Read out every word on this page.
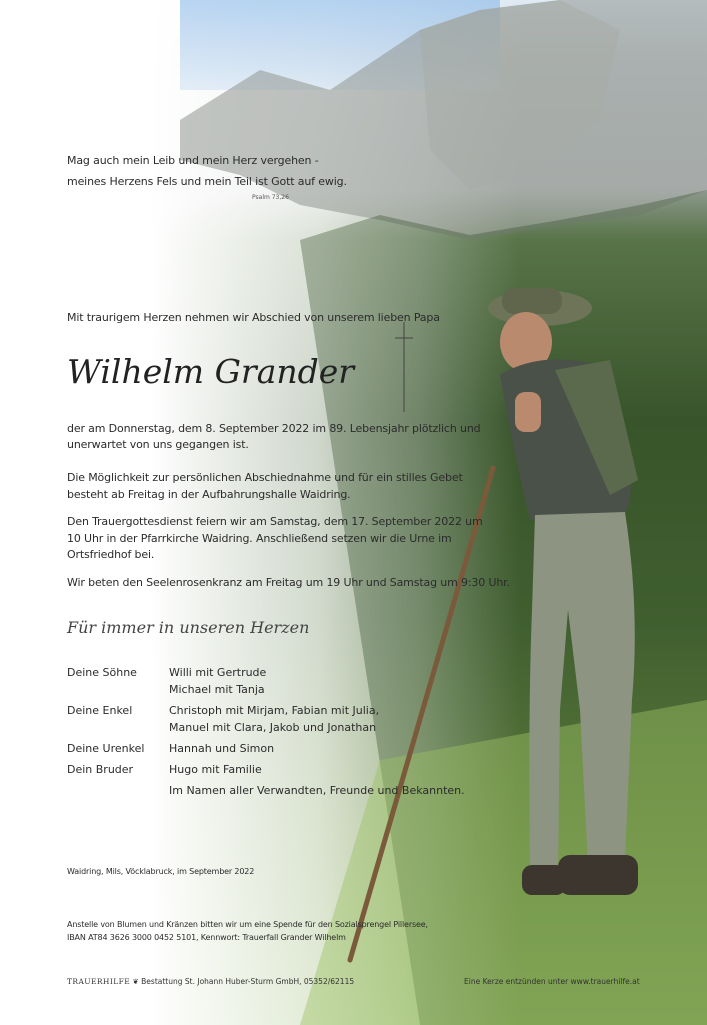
Mag auch mein Leib und mein Herz vergehen -

meines Herzens Fels und mein Teil ist Gott auf ewig.

Psalm 73,26

Mit traurigem Herzen nehmen wir Abschied von unserem lieben Papa

Wilhelm Grander

der am Donnerstag, dem 8. September 2022 im 89. Lebensjahr plötzlich und

unerwartet von uns gegangen ist.

Die Möglichkeit zur persönlichen Abschiednahme und für ein stilles Gebet

besteht ab Freitag in der Aufbahrungshalle Waidring.

Den Trauergottesdienst feiern wir am Samstag, dem 17. September 2022 um

10 Uhr in der Pfarrkirche Waidring. Anschließend setzen wir die Urne im

Ortsfriedhof bei.

Wir beten den Seelenrosenkranz am Freitag um 19 Uhr und Samstag um 9:30 Uhr.

Für immer in unseren Herzen
Deine Söhne	Willi mit Gertrude
Michael mit Tanja
Deine Enkel	Christoph mit Mirjam, Fabian mit Julia,
Manuel mit Clara, Jakob und Jonathan
Deine Urenkel	Hannah und Simon
Dein Bruder	Hugo mit Familie
Im Namen aller Verwandten, Freunde und Bekannten.

Waidring, Mils, Vöcklabruck, im September 2022

Anstelle von Blumen und Kränzen bitten wir um eine Spende für den Sozialsprengel Pillersee,

IBAN AT84 3626 3000 0452 5101, Kennwort: Trauerfall Grander Wilhelm

TRAUERHILFE ❦ Bestattung St. Johann Huber-Sturm GmbH, 05352/62115	Eine Kerze entzünden unter www.trauerhilfe.at
